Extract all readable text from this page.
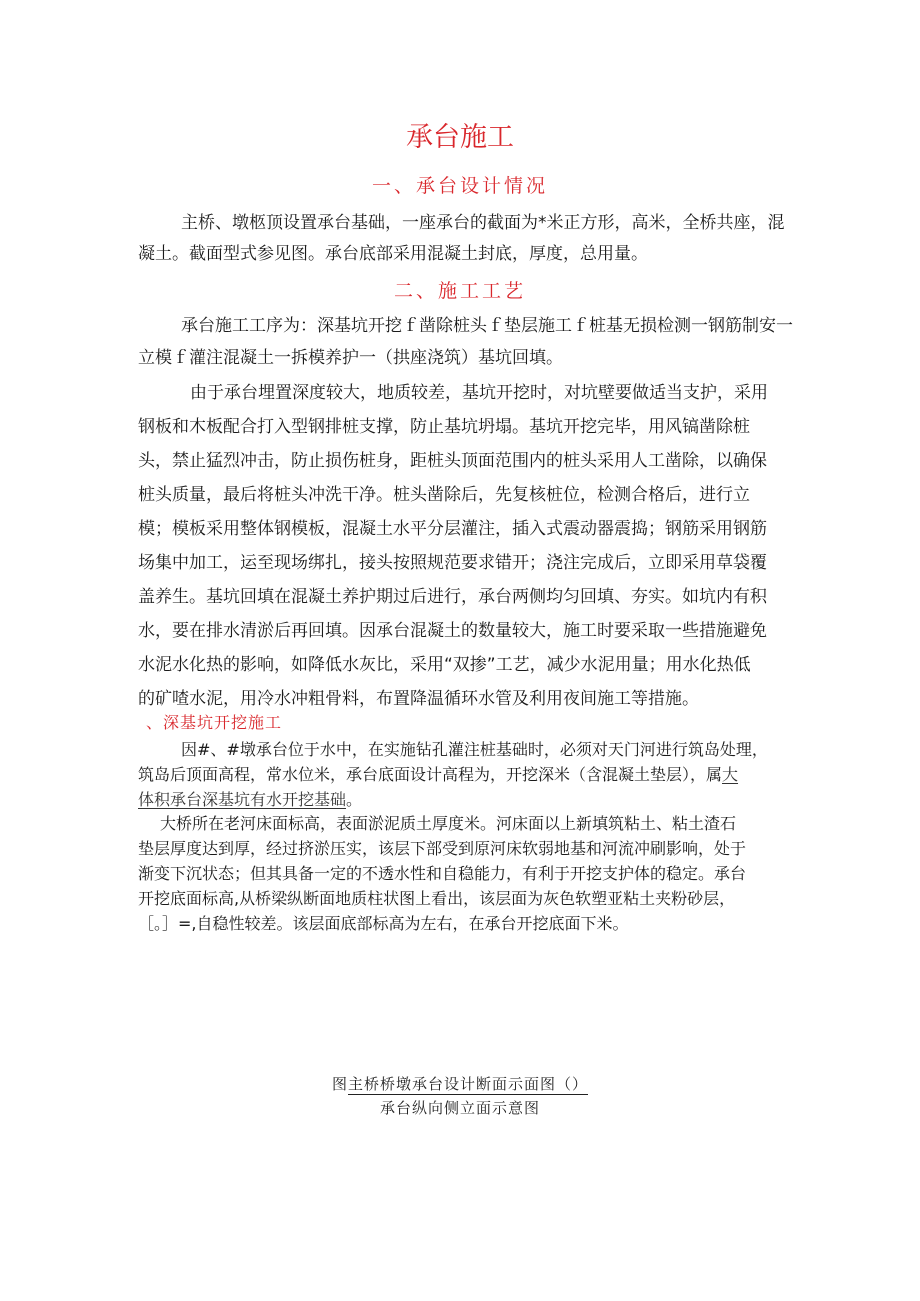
承台施工
一、承台设计情况
主桥、墩柩顶设置承台基础，一座承台的截面为*米正方形，高米，全桥共座，混
凝土。截面型式参见图。承台底部采用混凝土封底，厚度，总用量。
二、施工工艺
承台施工工序为：深基坑开挖ｆ凿除桩头ｆ垫层施工ｆ桩基无损检测一钢筋制安一
立模ｆ灌注混凝土一拆模养护一（拱座浇筑）基坑回填。
由于承台埋置深度较大，地质较差，基坑开挖时，对坑壁要做适当支护，采用
钢板和木板配合打入型钢排桩支撑，防止基坑坍塌。基坑开挖完毕，用风镐凿除桩
头，禁止猛烈冲击，防止损伤桩身，距桩头顶面范围内的桩头采用人工凿除，以确保
桩头质量，最后将桩头冲洗干净。桩头凿除后，先复核桩位，检测合格后，进行立
模；模板采用整体钢模板，混凝土水平分层灌注，插入式震动器震捣；钢筋采用钢筋
场集中加工，运至现场绑扎，接头按照规范要求错开；浇注完成后，立即采用草袋覆
盖养生。基坑回填在混凝土养护期过后进行，承台两侧均匀回填、夯实。如坑内有积
水，要在排水清淤后再回填。因承台混凝土的数量较大，施工时要采取一些措施避免
水泥水化热的影响，如降低水灰比，采用“双掺”工艺，减少水泥用量；用水化热低
的矿喳水泥，用冷水冲粗骨料，布置降温循环水管及利用夜间施工等措施。
、深基坑开挖施工
因#、#墩承台位于水中，在实施钻孔灌注桩基础时，必须对天门河进行筑岛处理，
筑岛后顶面高程，常水位米，承台底面设计高程为，开挖深米（含混凝土垫层），属大
体积承台深基坑有水开挖基础。
大桥所在老河床面标高，表面淤泥质土厚度米。河床面以上新填筑粘土、粘土渣石
垫层厚度达到厚，经过挤淤压实，该层下部受到原河床软弱地基和河流冲刷影响，处于
渐变下沉状态；但其具备一定的不透水性和自稳能力，有利于开挖支护体的稳定。承台
开挖底面标高,从桥梁纵断面地质柱状图上看出，该层面为灰色软塑亚粘土夹粉砂层，
［。］=,自稳性较差。该层面底部标高为左右，在承台开挖底面下米。
图主桥桥墩承台设计断面示面图（）
承台纵向侧立面示意图
